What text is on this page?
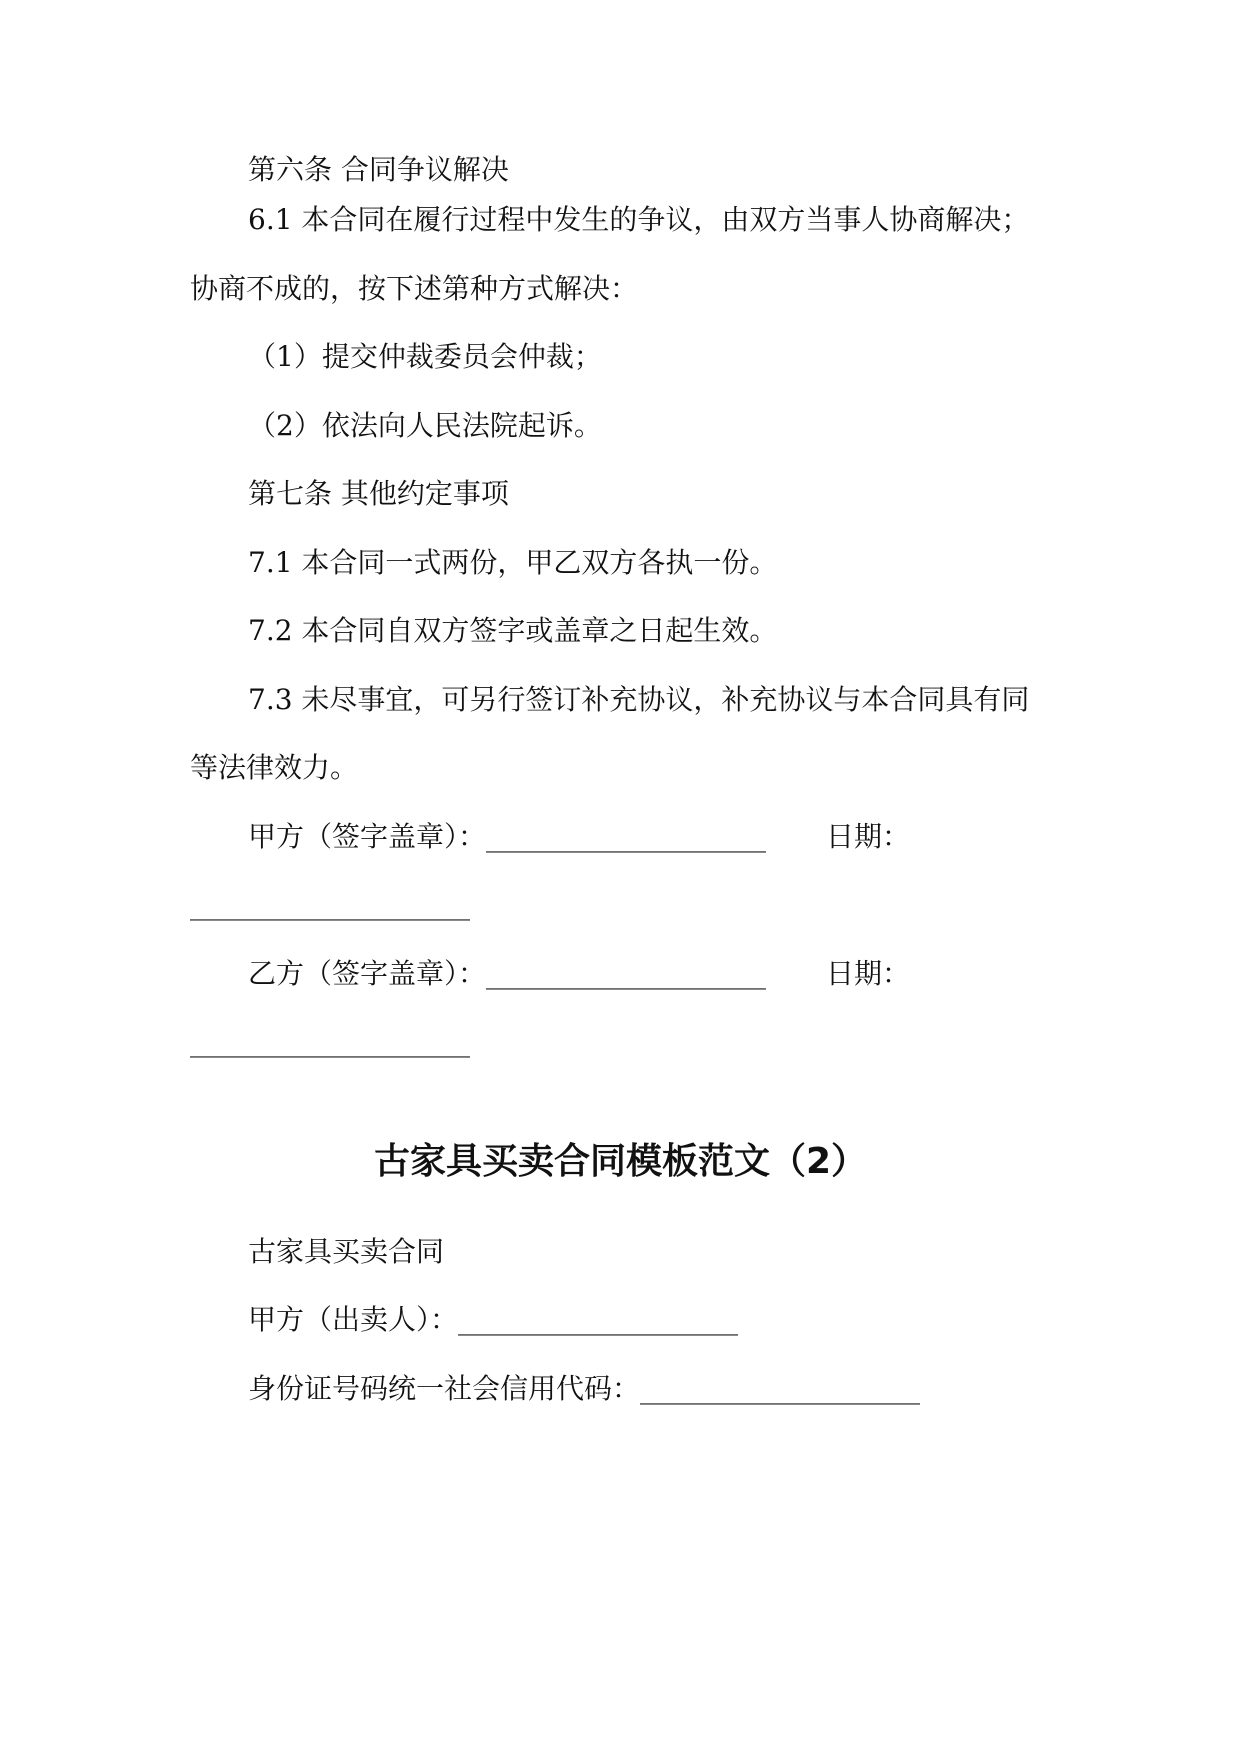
第六条 合同争议解决
6.1 本合同在履行过程中发生的争议，由双方当事人协商解决；
协商不成的，按下述第种方式解决：
（1）提交仲裁委员会仲裁；
（2）依法向人民法院起诉。
第七条 其他约定事项
7.1 本合同一式两份，甲乙双方各执一份。
7.2 本合同自双方签字或盖章之日起生效。
7.3 未尽事宜，可另行签订补充协议，补充协议与本合同具有同
等法律效力。
甲方（签字盖章）：____________________ 日期：
____________________
乙方（签字盖章）：____________________ 日期：
____________________
古家具买卖合同模板范文（2）
古家具买卖合同
甲方（出卖人）：____________________
身份证号码统一社会信用代码：____________________
